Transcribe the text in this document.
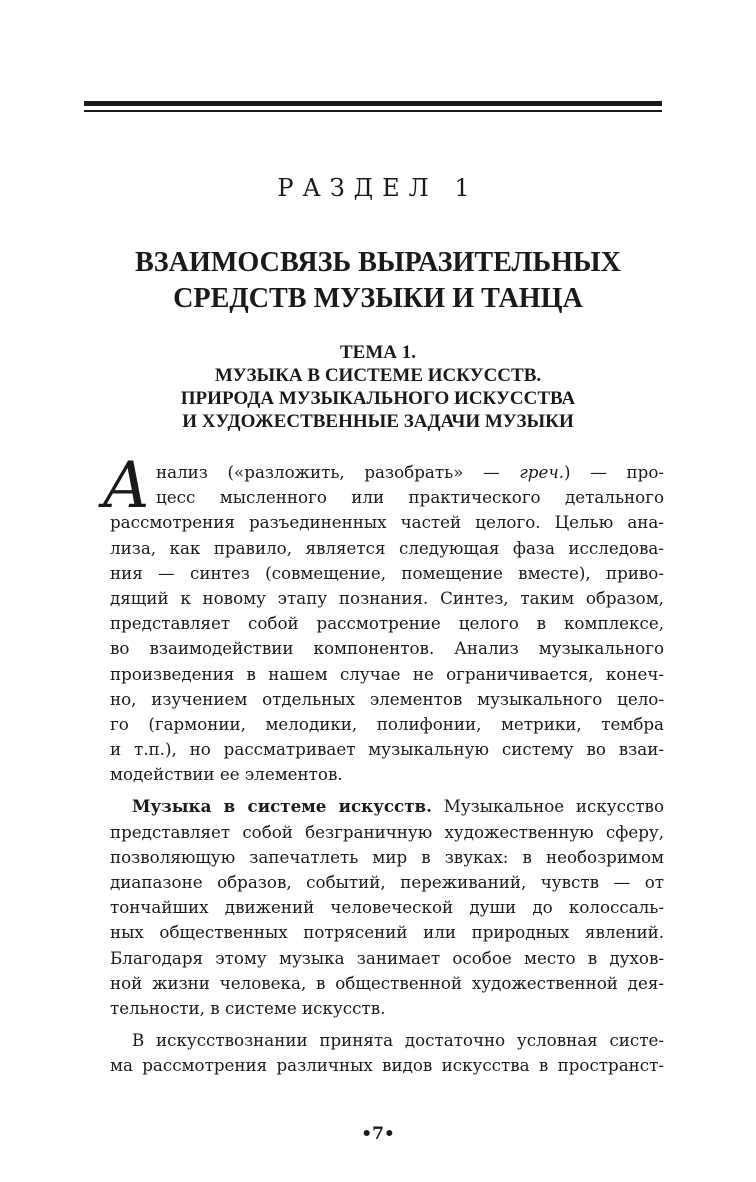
РАЗДЕЛ 1
ВЗАИМОСВЯЗЬ ВЫРАЗИТЕЛЬНЫХ
СРЕДСТВ МУЗЫКИ И ТАНЦА
ТЕМА 1.
МУЗЫКА В СИСТЕМЕ ИСКУССТВ.
ПРИРОДА МУЗЫКАЛЬНОГО ИСКУССТВА
И ХУДОЖЕСТВЕННЫЕ ЗАДАЧИ МУЗЫКИ
А нализ («разложить, разобрать» — греч.) — про-
цесс мысленного или практического детального
рассмотрения разъединенных частей целого. Целью ана-
лиза, как правило, является следующая фаза исследова-
ния — синтез (совмещение, помещение вместе), приво-
дящий к новому этапу познания. Синтез, таким образом,
представляет собой рассмотрение целого в комплексе,
во взаимодействии компонентов. Анализ музыкального
произведения в нашем случае не ограничивается, конеч-
но, изучением отдельных элементов музыкального цело-
го (гармонии, мелодики, полифонии, метрики, тембра
и т.п.), но рассматривает музыкальную систему во взаи-
модействии ее элементов.
Музыка в системе искусств. Музыкальное искусство
представляет собой безграничную художественную сферу,
позволяющую запечатлеть мир в звуках: в необозримом
диапазоне образов, событий, переживаний, чувств — от
тончайших движений человеческой души до колоссаль-
ных общественных потрясений или природных явлений.
Благодаря этому музыка занимает особое место в духов-
ной жизни человека, в общественной художественной дея-
тельности, в системе искусств.
В искусствознании принята достаточно условная систе-
ма рассмотрения различных видов искусства в пространст-
•7•
